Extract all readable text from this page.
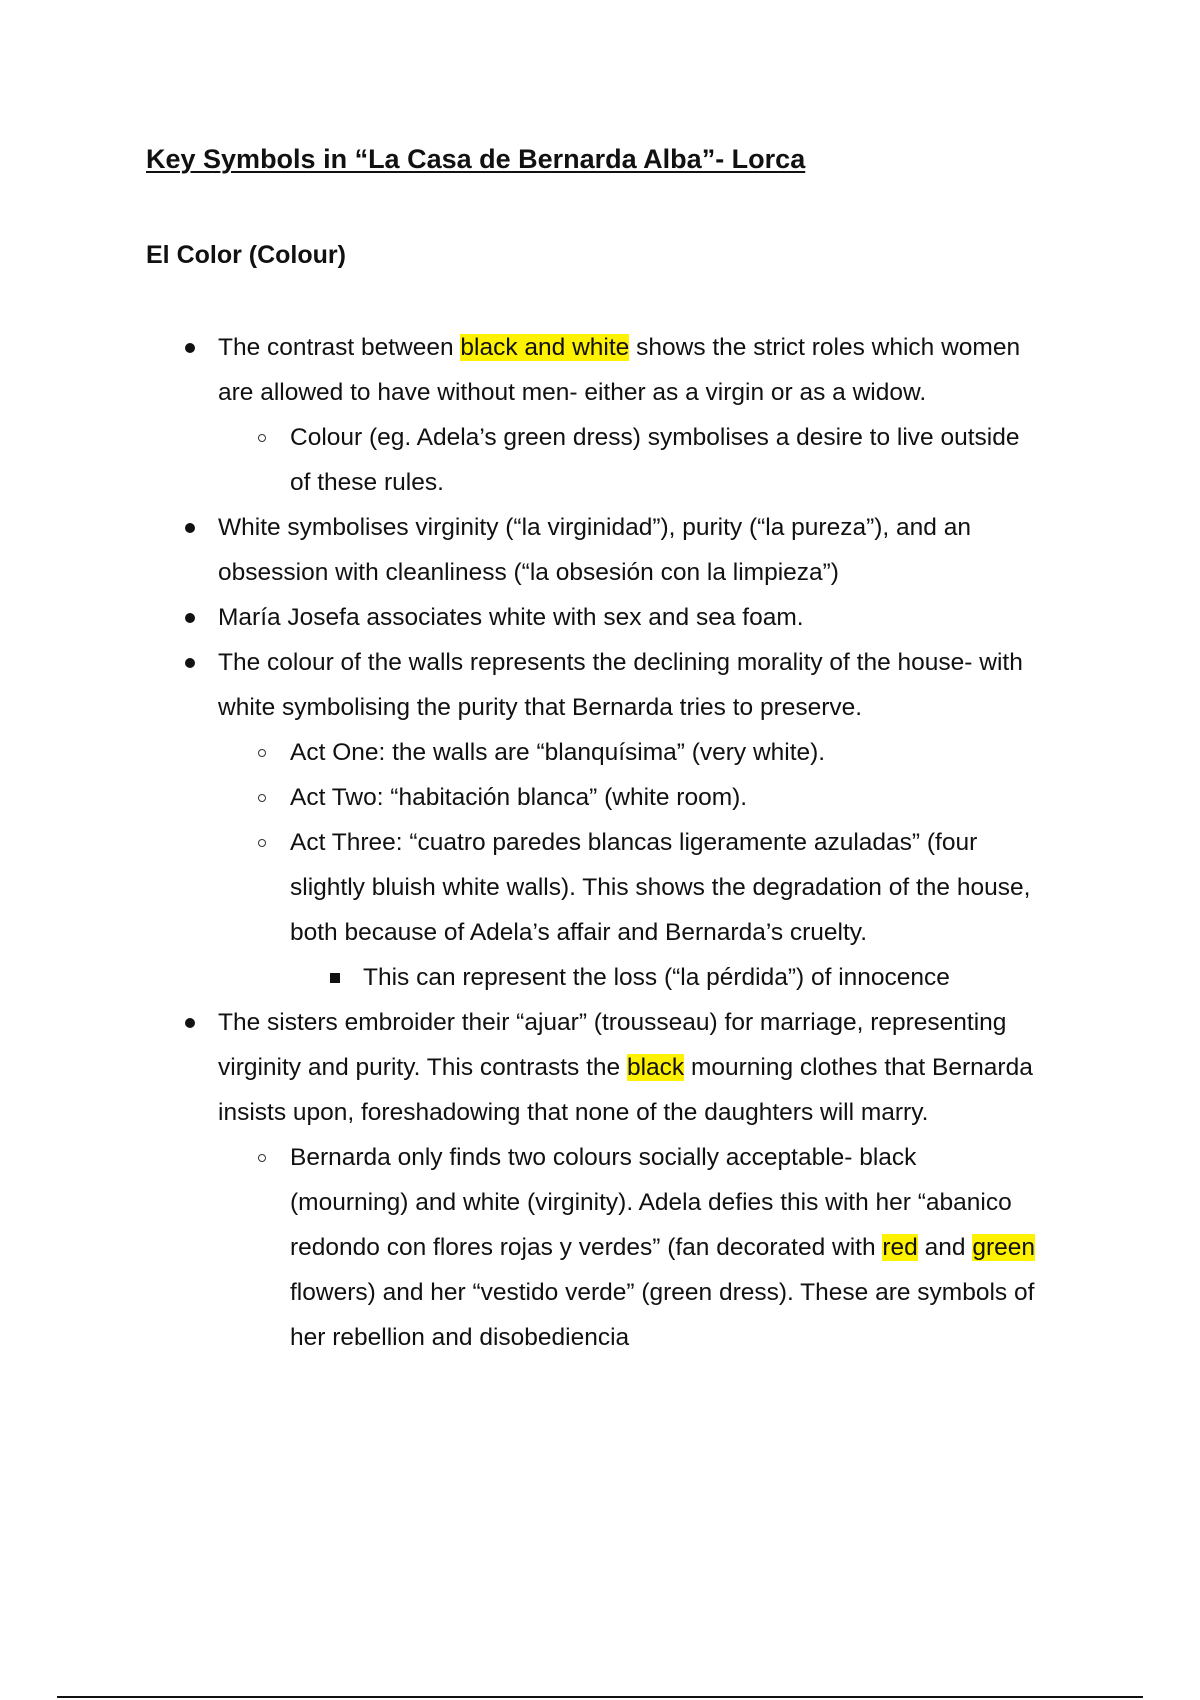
Key Symbols in “La Casa de Bernarda Alba”- Lorca
El Color (Colour)

The contrast between black and white shows the strict roles which women are allowed to have without men- either as a virgin or as a widow.

Colour (eg. Adela’s green dress) symbolises a desire to live outside of these rules.

White symbolises virginity (“la virginidad”), purity (“la pureza”), and an obsession with cleanliness (“la obsesión con la limpieza”)

María Josefa associates white with sex and sea foam.

The colour of the walls represents the declining morality of the house- with white symbolising the purity that Bernarda tries to preserve.

Act One: the walls are “blanquísima” (very white).

Act Two: “habitación blanca” (white room).

Act Three: “cuatro paredes blancas ligeramente azuladas” (four slightly bluish white walls). This shows the degradation of the house, both because of Adela’s affair and Bernarda’s cruelty.

This can represent the loss (“la pérdida”) of innocence

The sisters embroider their “ajuar” (trousseau) for marriage, representing virginity and purity. This contrasts the black mourning clothes that Bernarda insists upon, foreshadowing that none of the daughters will marry.

Bernarda only finds two colours socially acceptable- black (mourning) and white (virginity). Adela defies this with her “abanico redondo con flores rojas y verdes” (fan decorated with red and green flowers) and her “vestido verde” (green dress). These are symbols of her rebellion and disobediencia
